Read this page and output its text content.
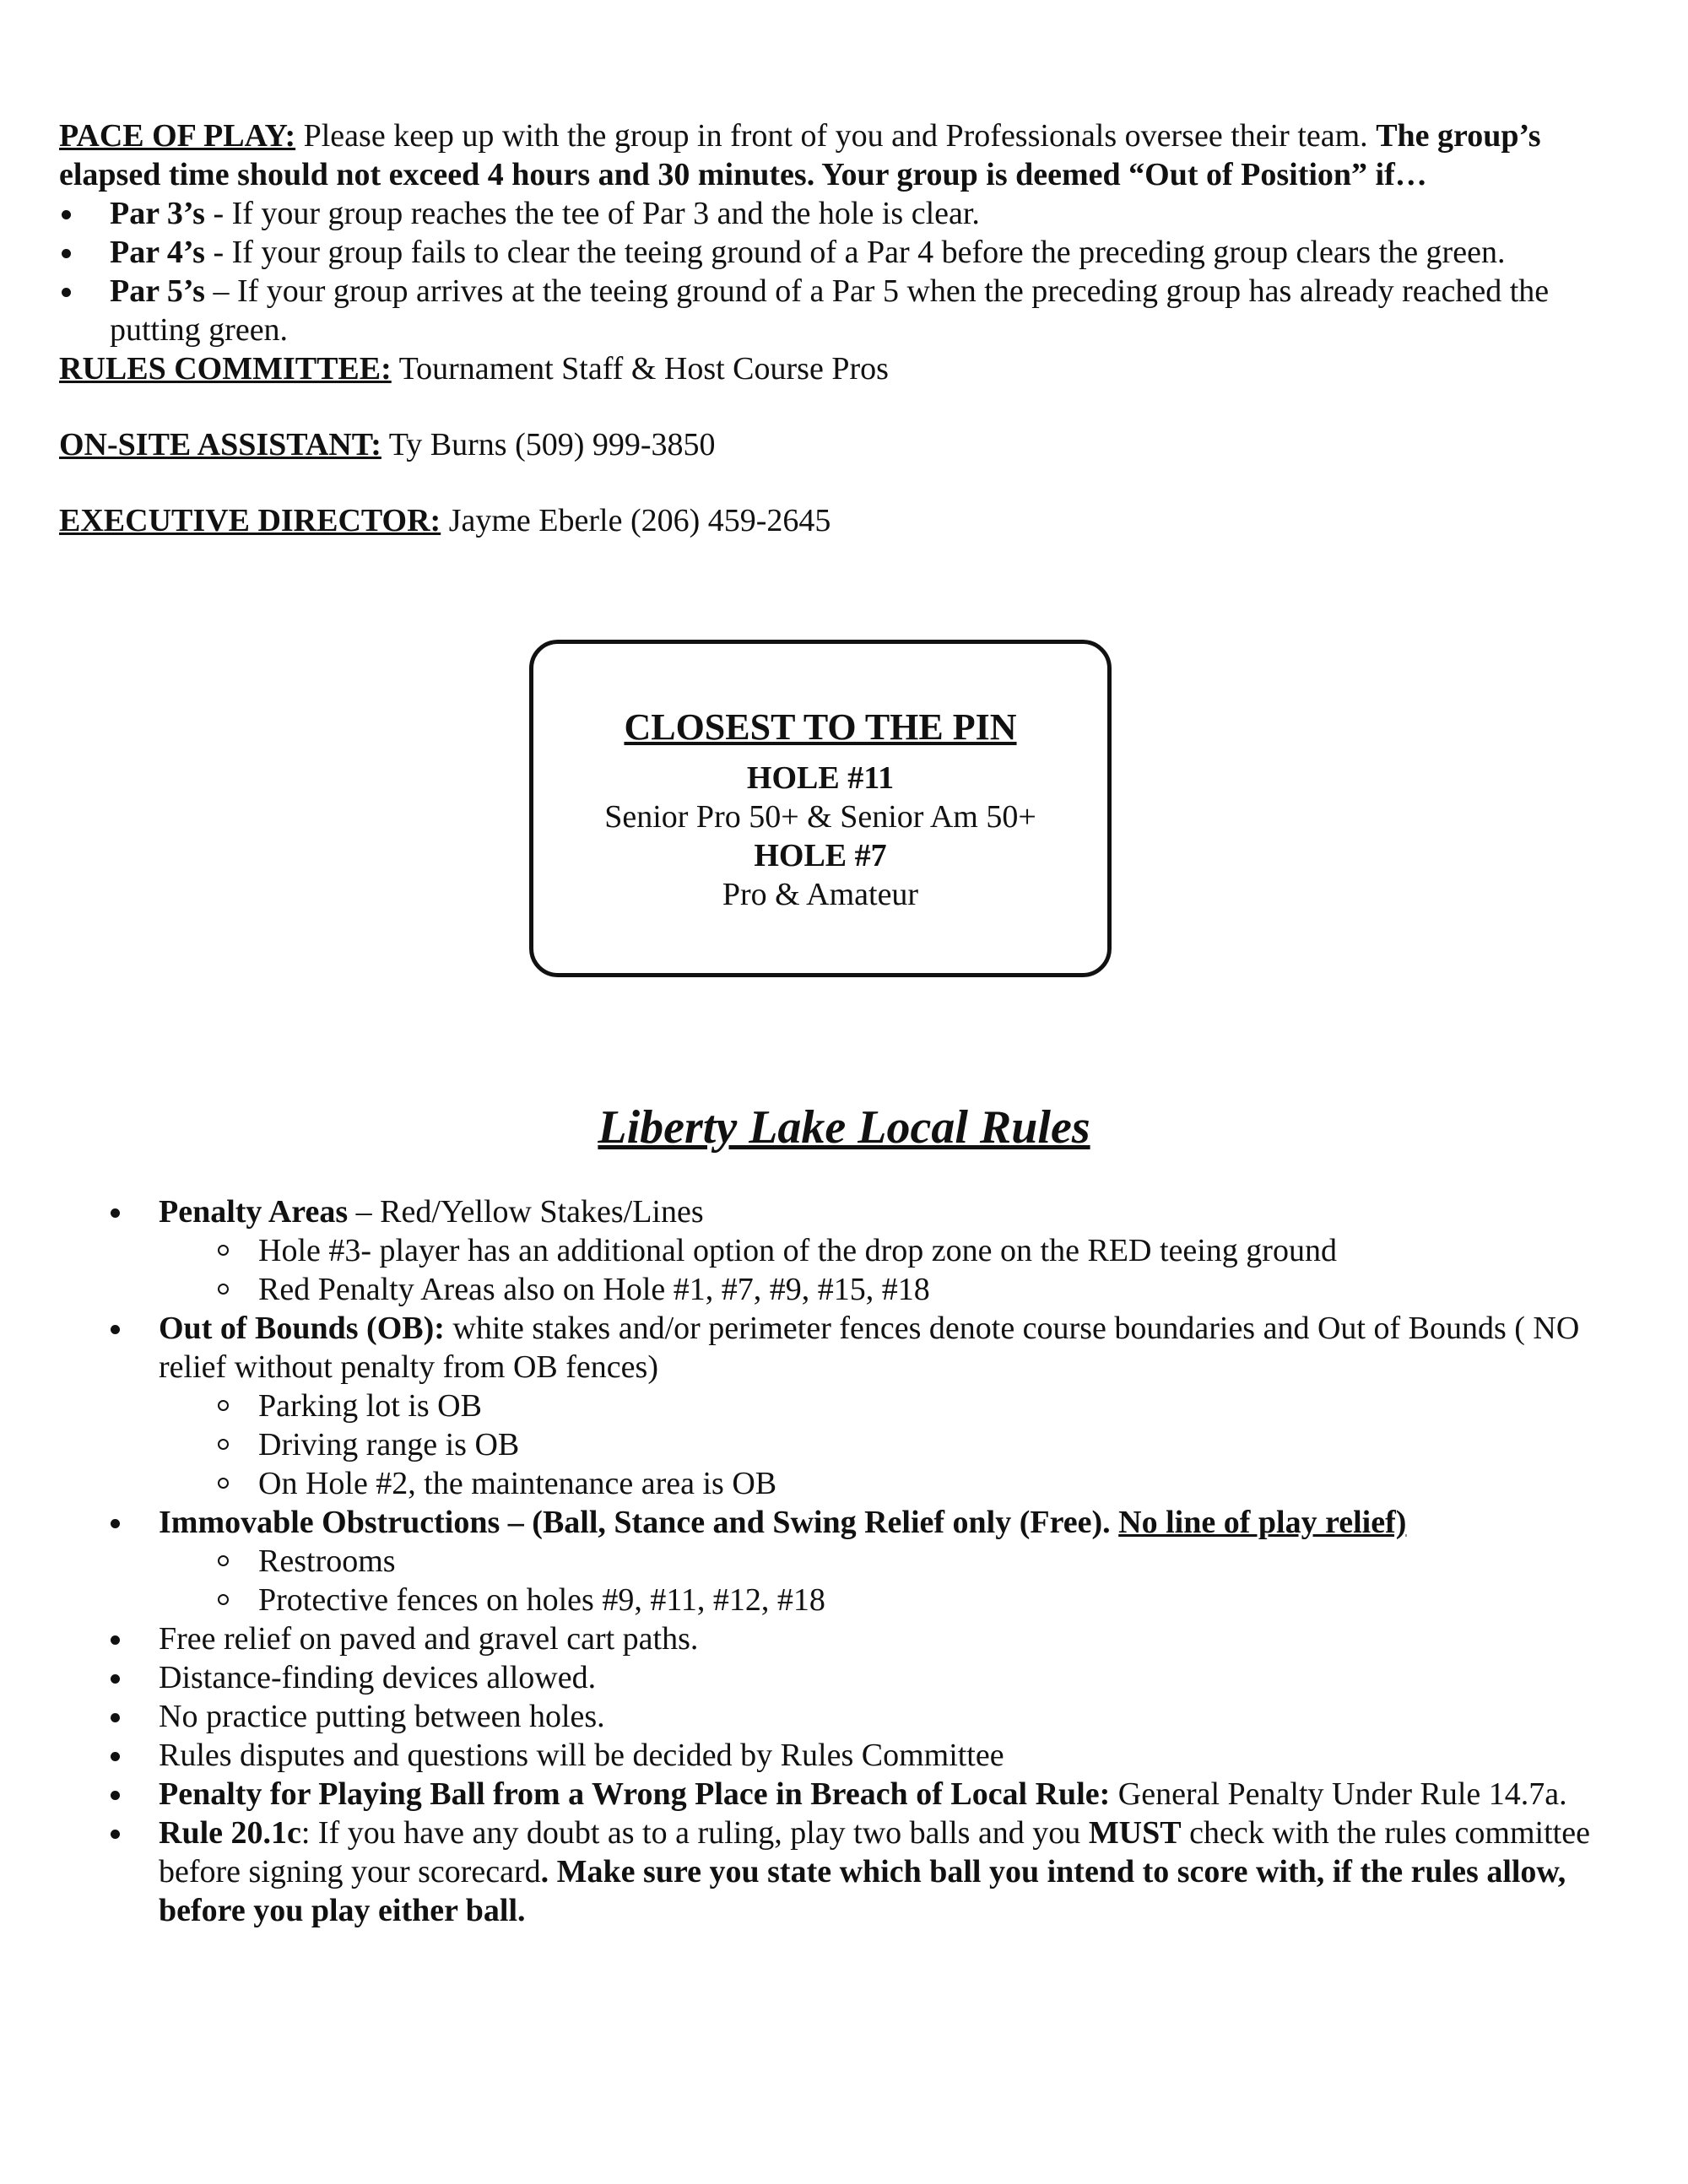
PACE OF PLAY: Please keep up with the group in front of you and Professionals oversee their team. The group’s elapsed time should not exceed 4 hours and 30 minutes. Your group is deemed “Out of Position” if…

Par 3’s - If your group reaches the tee of Par 3 and the hole is clear.
Par 4’s - If your group fails to clear the teeing ground of a Par 4 before the preceding group clears the green.
Par 5’s – If your group arrives at the teeing ground of a Par 5 when the preceding group has already reached the putting green.

RULES COMMITTEE: Tournament Staff & Host Course Pros

ON-SITE ASSISTANT: Ty Burns (509) 999-3850

EXECUTIVE DIRECTOR: Jayme Eberle (206) 459-2645

CLOSEST TO THE PIN
HOLE #11
Senior Pro 50+ & Senior Am 50+
HOLE #7
Pro & Amateur
Liberty Lake Local Rules
Penalty Areas – Red/Yellow Stakes/Lines
Hole #3- player has an additional option of the drop zone on the RED teeing ground
Red Penalty Areas also on Hole #1, #7, #9, #15, #18
Out of Bounds (OB): white stakes and/or perimeter fences denote course boundaries and Out of Bounds ( NO relief without penalty from OB fences)
Parking lot is OB
Driving range is OB
On Hole #2, the maintenance area is OB
Immovable Obstructions – (Ball, Stance and Swing Relief only (Free). No line of play relief)
Restrooms
Protective fences on holes #9, #11, #12, #18
Free relief on paved and gravel cart paths.
Distance-finding devices allowed.
No practice putting between holes.
Rules disputes and questions will be decided by Rules Committee
Penalty for Playing Ball from a Wrong Place in Breach of Local Rule: General Penalty Under Rule 14.7a.
Rule 20.1c: If you have any doubt as to a ruling, play two balls and you MUST check with the rules committee before signing your scorecard. Make sure you state which ball you intend to score with, if the rules allow, before you play either ball.
